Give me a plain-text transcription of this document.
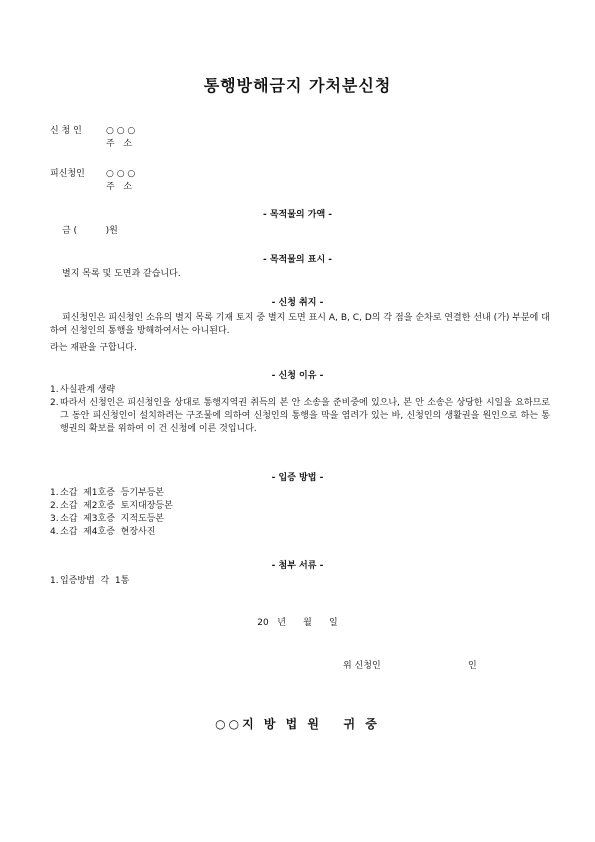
통행방해금지 가처분신청
신 청 인	○ ○ ○
주   소
피신청인 ○ ○ ○
주   소
- 목적물의 가액 -
금 (          )원
- 목적물의 표시 -
별지 목록 및 도면과 같습니다.
- 신청 취지 -
피신청인은 피신청인 소유의 별지 목록 기재 토지 중 별지 도면 표시 A, B, C, D의 각 점을 순차로 연결한 선내 (가) 부분에 대하여 신청인의 통행을 방해하여서는 아니된다.
라는 재판을 구합니다.
- 신청 이유 -
1. 사실관계 생략
2. 따라서 신청인은 피신청인을 상대로 통행지역권 취득의 본 안 소송을 준비중에 있으나, 본 안 소송은 상당한 시일을 요하므로 그 동안 피신청인이 설치하려는 구조물에 의하여 신청인의 통행을 막을 염려가 있는 바, 신청인의 생활권을 원인으로 하는 통행권의 확보를 위하여 이 건 신청에 이른 것입니다.
- 입증 방법 -
1. 소갑  제1호증  등기부등본
2. 소갑  제2호증  토지대장등본
3. 소갑  제3호증  지적도등본
4. 소갑  제4호증  현장사진
- 첨부 서류 -
1. 입증방법  각  1통
20   년      월      일
위 신청인	인
○○지 방 법 원   귀 중
